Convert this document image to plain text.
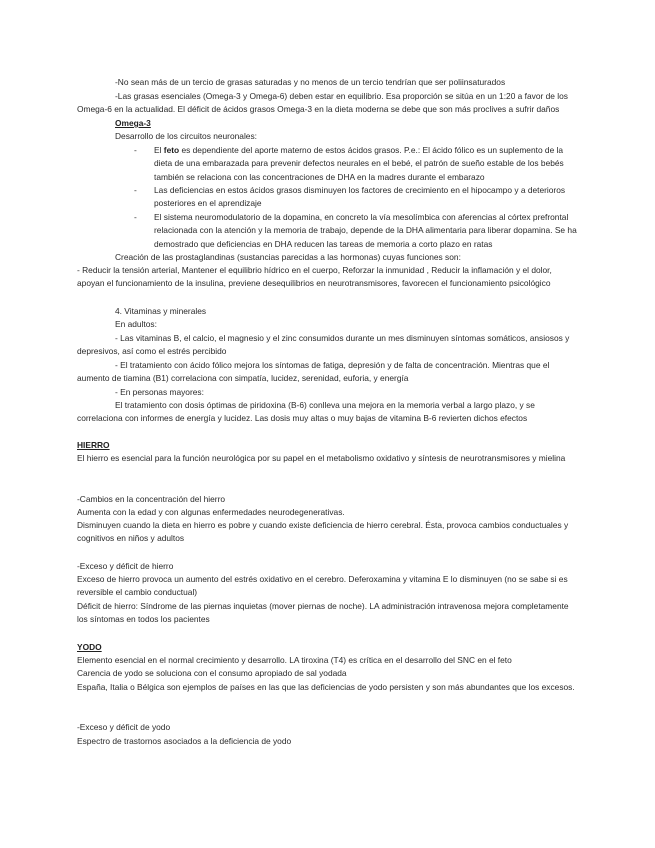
-No sean más de un tercio de grasas saturadas y no menos de un tercio tendrían que ser poliinsaturados

-Las grasas esenciales (Omega-3 y Omega-6) deben estar en equilibrio. Esa proporción se sitúa en un 1:20 a favor de los Omega-6 en la actualidad. El déficit de ácidos grasos Omega-3 en la dieta moderna se debe que son más proclives a sufrir daños

Omega-3

Desarrollo de los circuitos neuronales:

- El feto es dependiente del aporte materno de estos ácidos grasos. P.e.: El ácido fólico es un suplemento de la dieta de una embarazada para prevenir defectos neurales en el bebé, el patrón de sueño estable de los bebés también se relaciona con las concentraciones de DHA en la madres durante el embarazo
- Las deficiencias en estos ácidos grasos disminuyen los factores de crecimiento en el hipocampo y a deterioros posteriores en el aprendizaje
- El sistema neuromodulatorio de la dopamina, en concreto la vía mesolímbica con aferencias al córtex prefrontal relacionada con la atención y la memoria de trabajo, depende de la DHA alimentaria para liberar dopamina. Se ha demostrado que deficiencias en DHA reducen las tareas de memoria a corto plazo en ratas

Creación de las prostaglandinas (sustancias parecidas a las hormonas) cuyas funciones son:

- Reducir la tensión arterial, Mantener el equilibrio hídrico en el cuerpo, Reforzar la inmunidad , Reducir la inflamación y el dolor, apoyan el funcionamiento de la insulina, previene desequilibrios en neurotransmisores, favorecen el funcionamiento psicológico

4. Vitaminas y minerales

En adultos:

- Las vitaminas B, el calcio, el magnesio y el zinc consumidos durante un mes disminuyen síntomas somáticos, ansiosos y depresivos, así como el estrés percibido

- El tratamiento con ácido fólico mejora los síntomas de fatiga, depresión y de falta de concentración. Mientras que el aumento de tiamina (B1) correlaciona con simpatía, lucidez, serenidad, euforia, y energía

- En personas mayores:

El tratamiento con dosis óptimas de piridoxina (B-6) conlleva una mejora en la memoria verbal a largo plazo, y se correlaciona con informes de energía y lucidez. Las dosis muy altas o muy bajas de vitamina B-6 revierten dichos efectos

HIERRO

El hierro es esencial para la función neurológica por su papel en el metabolismo oxidativo y síntesis de neurotransmisores y mielina

-Cambios en la concentración del hierro

Aumenta con la edad y con algunas enfermedades neurodegenerativas.

Disminuyen cuando la dieta en hierro es pobre y cuando existe deficiencia de hierro cerebral. Ésta, provoca cambios conductuales y cognitivos en niños y adultos

-Exceso y déficit de hierro

Exceso de hierro provoca un aumento del estrés oxidativo en el cerebro. Deferoxamina y vitamina E lo disminuyen (no se sabe si es reversible el cambio conductual)

Déficit de hierro: Síndrome de las piernas inquietas (mover piernas de noche). LA administración intravenosa mejora completamente los síntomas en todos los pacientes

YODO

Elemento esencial en el normal crecimiento y desarrollo. LA tiroxina (T4) es crítica en el desarrollo del SNC en el feto

Carencia de yodo se soluciona con el consumo apropiado de sal yodada

España, Italia o Bélgica son ejemplos de países en las que las deficiencias de yodo persisten y son más abundantes que los excesos.

-Exceso y déficit de yodo

Espectro de trastornos asociados a la deficiencia de yodo
